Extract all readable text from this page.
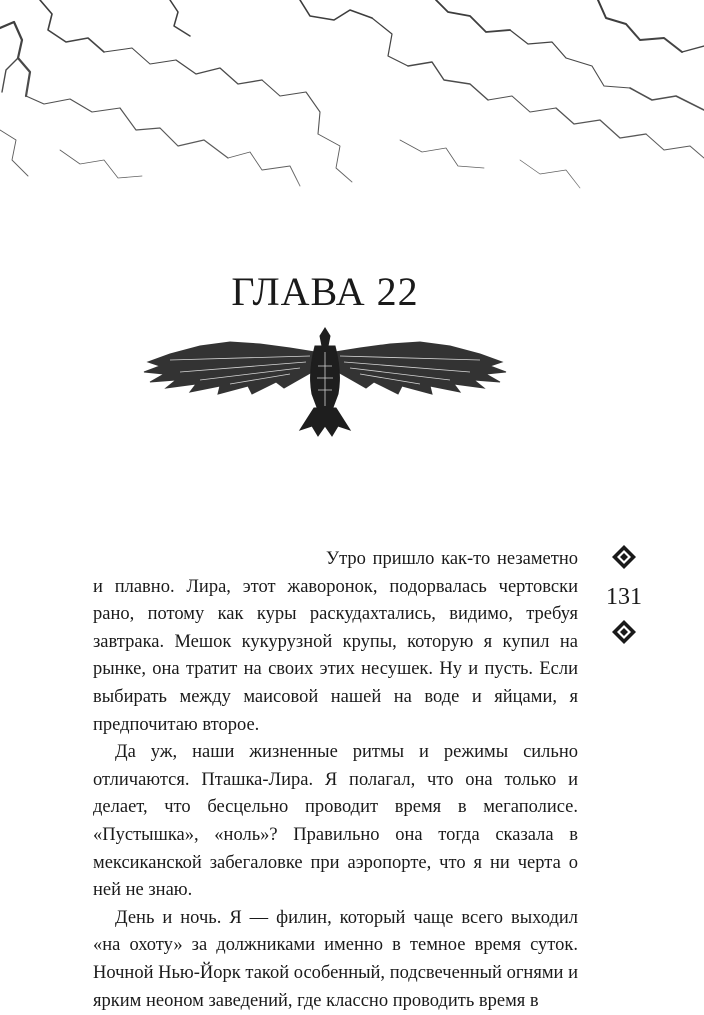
ГЛАВА 22

Утро пришло как-то незаметно и плавно. Лира, этот жаворонок, подорвалась чертовски рано, потому как куры раскудахтались, видимо, требуя завтрака. Мешок кукурузной крупы, которую я купил на рынке, она тратит на своих этих несушек. Ну и пусть. Если выбирать между маисовой нашей на воде и яйцами, я предпочитаю второе.

Да уж, наши жизненные ритмы и режимы сильно отличаются. Пташка-Лира. Я полагал, что она только и делает, что бесцельно проводит время в мегаполисе. «Пустышка», «ноль»? Правильно она тогда сказала в мексиканской забегаловке при аэропорте, что я ни черта о ней не знаю.

День и ночь. Я — филин, который чаще всего выходил «на охоту» за должниками именно в темное время суток. Ночной Нью-Йорк такой особенный, подсвеченный огнями и ярким неоном заведений, где классно проводить время в

131
